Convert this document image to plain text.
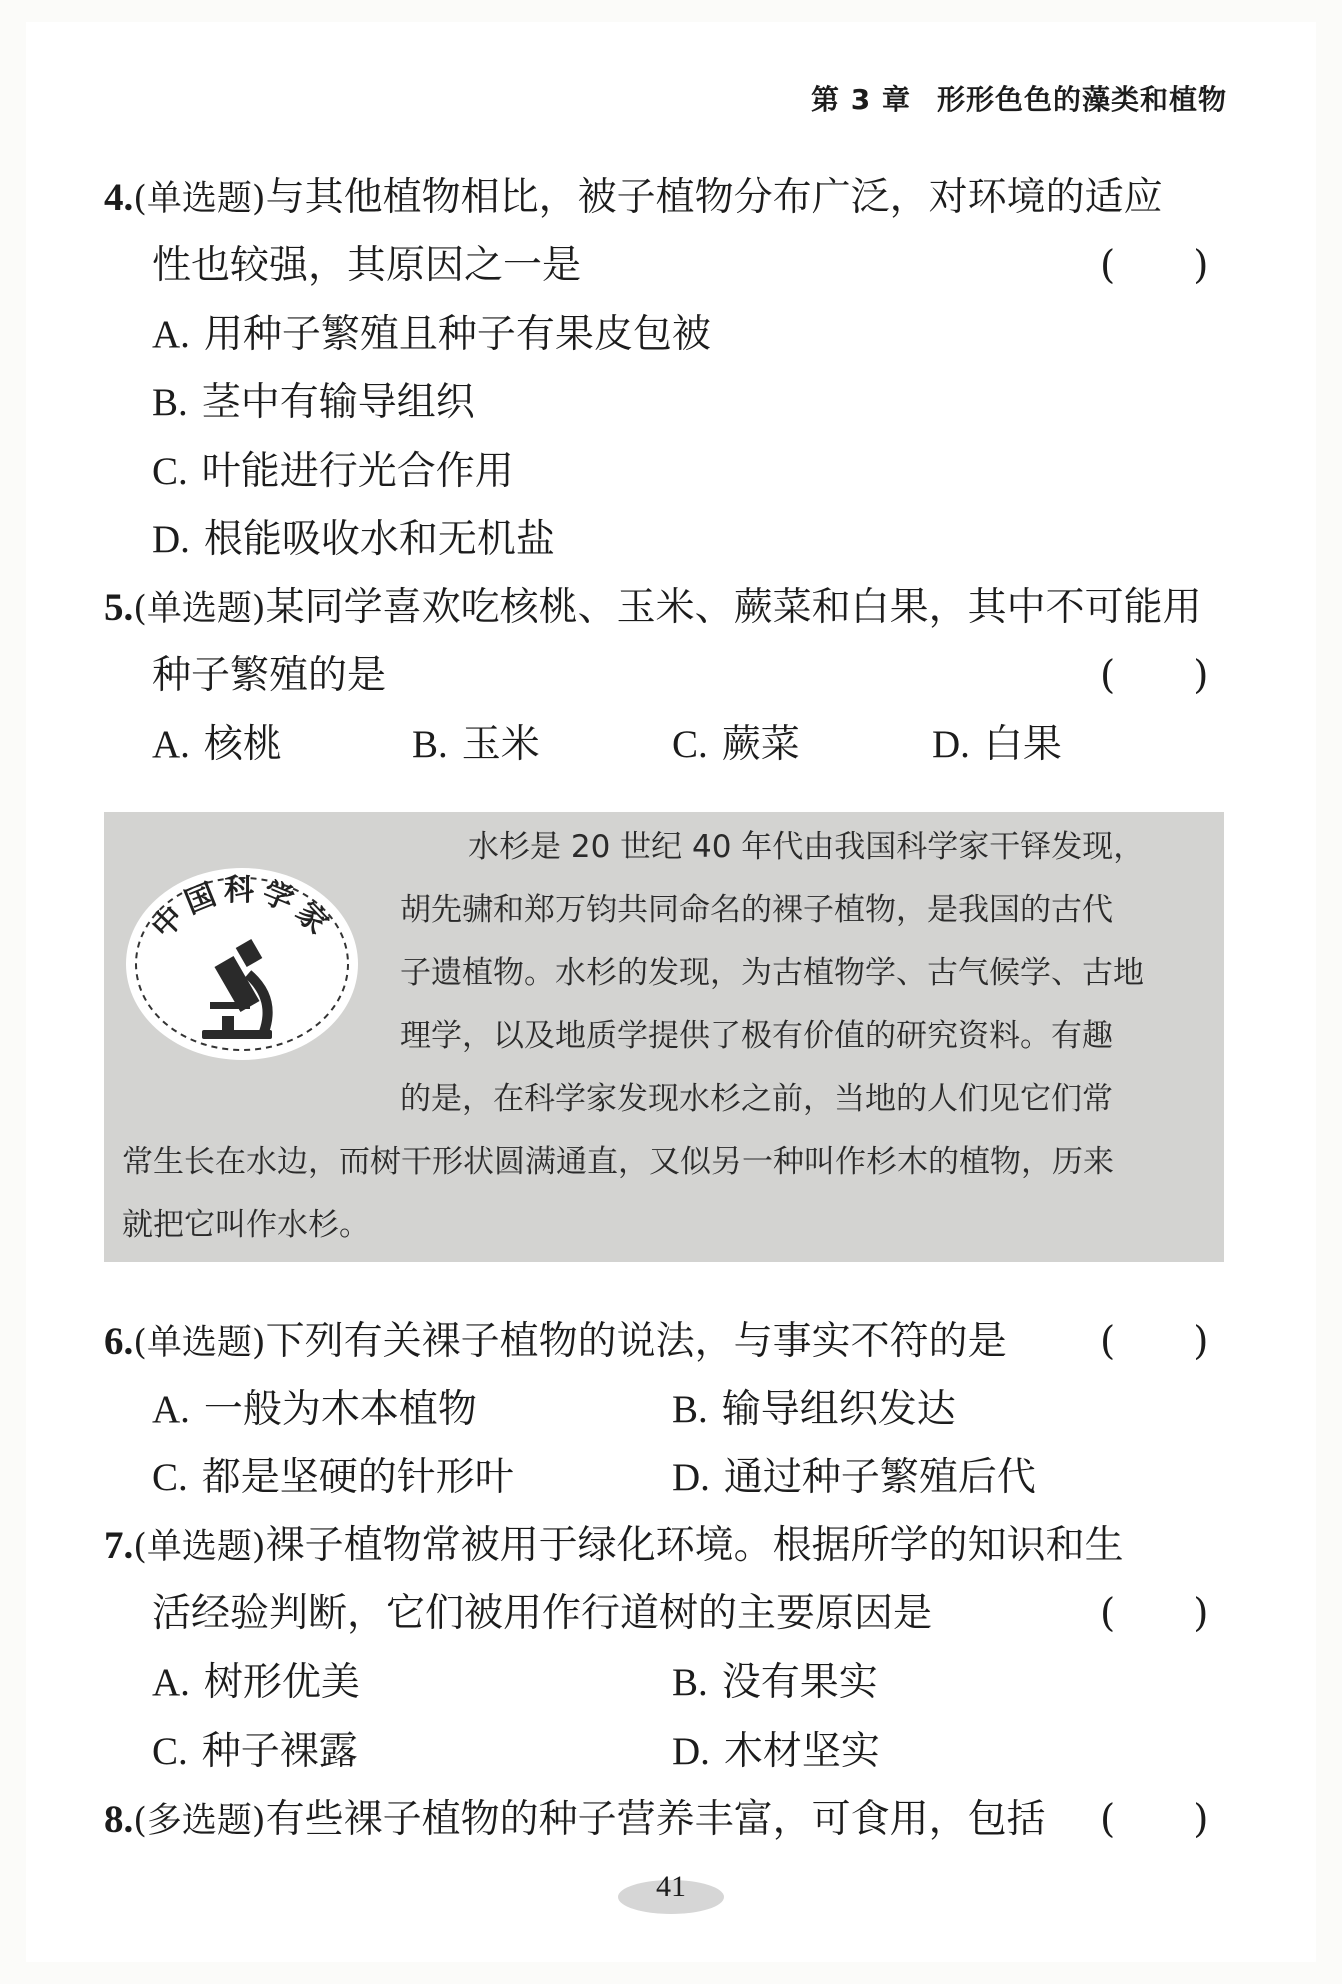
第 3 章 形形色色的藻类和植物
4.(单选题)与其他植物相比，被子植物分布广泛，对环境的适应
性也较强，其原因之一是	(　　)
A. 用种子繁殖且种子有果皮包被
B. 茎中有输导组织
C. 叶能进行光合作用
D. 根能吸收水和无机盐
5.(单选题)某同学喜欢吃核桃、玉米、蕨菜和白果，其中不可能用
种子繁殖的是	(　　)
A. 核桃	B. 玉米	C. 蕨菜	D. 白果
水杉是 20 世纪 40 年代由我国科学家干铎发现，
胡先骕和郑万钧共同命名的裸子植物，是我国的古代
子遗植物。水杉的发现，为古植物学、古气候学、古地
理学，以及地质学提供了极有价值的研究资料。有趣
的是，在科学家发现水杉之前，当地的人们见它们常
常生长在水边，而树干形状圆满通直，又似另一种叫作杉木的植物，历来
就把它叫作水杉。
中国科学家
6.(单选题)下列有关裸子植物的说法，与事实不符的是 (　　)
A. 一般为木本植物	B. 输导组织发达
C. 都是坚硬的针形叶	D. 通过种子繁殖后代
7.(单选题)裸子植物常被用于绿化环境。根据所学的知识和生
活经验判断，它们被用作行道树的主要原因是	(　　)
A. 树形优美	B. 没有果实
C. 种子裸露	D. 木材坚实
8.(多选题)有些裸子植物的种子营养丰富，可食用，包括 (　　)
41
